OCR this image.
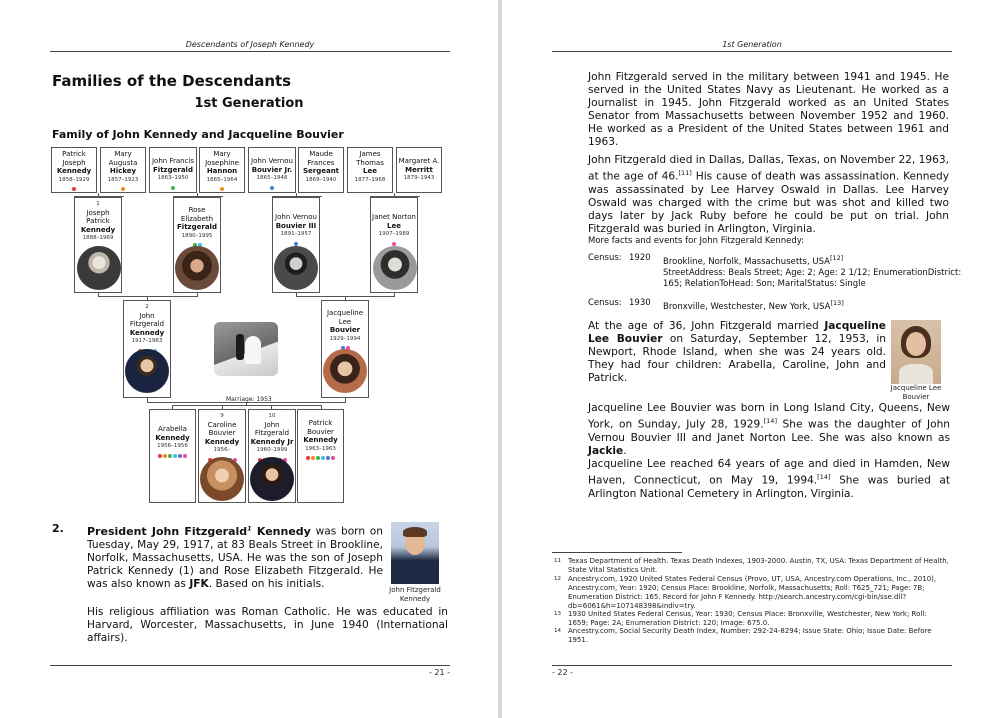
Descendants of Joseph Kennedy
Families of the Descendants
1st Generation
Family of John Kennedy and Jacqueline Bouvier
Patrick Joseph
Kennedy
1858–1929
Mary Augusta
Hickey
1857–1923
John Francis
Fitzgerald
1863–1950
Mary Josephine
Hannon
1865–1964
John Vernou
Bouvier Jr.
1865–1948
Maude Frances
Sergeant
1869–1940
James Thomas
Lee
1877–1968
Margaret A.
Merritt
1879–1943
1
Joseph Patrick
Kennedy
1888–1969
Rose Elizabeth
Fitzgerald
1890–1995
John Vernou
Bouvier III
1891–1957
Janet Norton
Lee
1907–1989
2
John Fitzgerald
Kennedy
1917–1963
Jacqueline Lee
Bouvier
1929–1994
Marriage: 1953
Arabella
Kennedy
1956–1956
9
Caroline Bouvier
Kennedy
1956–
10
John Fitzgerald
Kennedy Jr
1960–1999
Patrick Bouvier
Kennedy
1963–1963
2. President John Fitzgerald$^1$ Kennedy was born on Tuesday, May 29, 1917, at 83 Beals Street in Brookline, Norfolk, Massachusetts, USA. He was the son of Joseph Patrick Kennedy (1) and Rose Elizabeth Fitzgerald. He was also known as JFK. Based on his initials.
John Fitzgerald Kennedy
His religious affiliation was Roman Catholic. He was educated in Harvard, Worcester, Massachusetts, in June 1940 (International affairs).
- 21 -
1st Generation
John Fitzgerald served in the military between 1941 and 1945. He served in the United States Navy as Lieutenant. He worked as a Journalist in 1945. John Fitzgerald worked as an United States Senator from Massachusetts between November 1952 and 1960. He worked as a President of the United States between 1961 and 1963.
John Fitzgerald died in Dallas, Dallas, Texas, on November 22, 1963, at the age of 46.[11] His cause of death was assassination. Kennedy was assassinated by Lee Harvey Oswald in Dallas. Lee Harvey Oswald was charged with the crime but was shot and killed two days later by Jack Ruby before he could be put on trial. John Fitzgerald was buried in Arlington, Virginia.
More facts and events for John Fitzgerald Kennedy:
Census: 1920 Brookline, Norfolk, Massachusetts, USA[12]
StreetAddress: Beals Street; Age: 2; Age: 2 1/12; EnumerationDistrict: 165; RelationToHead: Son; MaritalStatus: Single
Census: 1930 Bronxville, Westchester, New York, USA[13]
At the age of 36, John Fitzgerald married Jacqueline Lee Bouvier on Saturday, September 12, 1953, in Newport, Rhode Island, when she was 24 years old. They had four children: Arabella, Caroline, John and Patrick.
Jacqueline Lee Bouvier
Jacqueline Lee Bouvier was born in Long Island City, Queens, New York, on Sunday, July 28, 1929.[14] She was the daughter of John Vernou Bouvier III and Janet Norton Lee. She was also known as Jackie.
Jacqueline Lee reached 64 years of age and died in Hamden, New Haven, Connecticut, on May 19, 1994.[14] She was buried at Arlington National Cemetery in Arlington, Virginia.
11 Texas Department of Health. Texas Death Indexes, 1903-2000. Austin, TX, USA: Texas Department of Health, State Vital Statistics Unit.
12 Ancestry.com, 1920 United States Federal Census (Provo, UT, USA, Ancestry.com Operations, Inc., 2010), Ancestry.com, Year: 1920; Census Place: Brookline, Norfolk, Massachusetts; Roll: T625_721; Page: 7B; Enumeration District: 165. Record for John F Kennedy. http://search.ancestry.com/cgi-bin/sse.dll?db=6061&h=107148398&indiv=try.
13 1930 United States Federal Census, Year: 1930; Census Place: Bronxville, Westchester, New York; Roll: 1659; Page: 2A; Enumeration District: 120; Image: 675.0.
14 Ancestry.com, Social Security Death Index, Number: 292-24-8294; Issue State: Ohio; Issue Date: Before 1951.
- 22 -
